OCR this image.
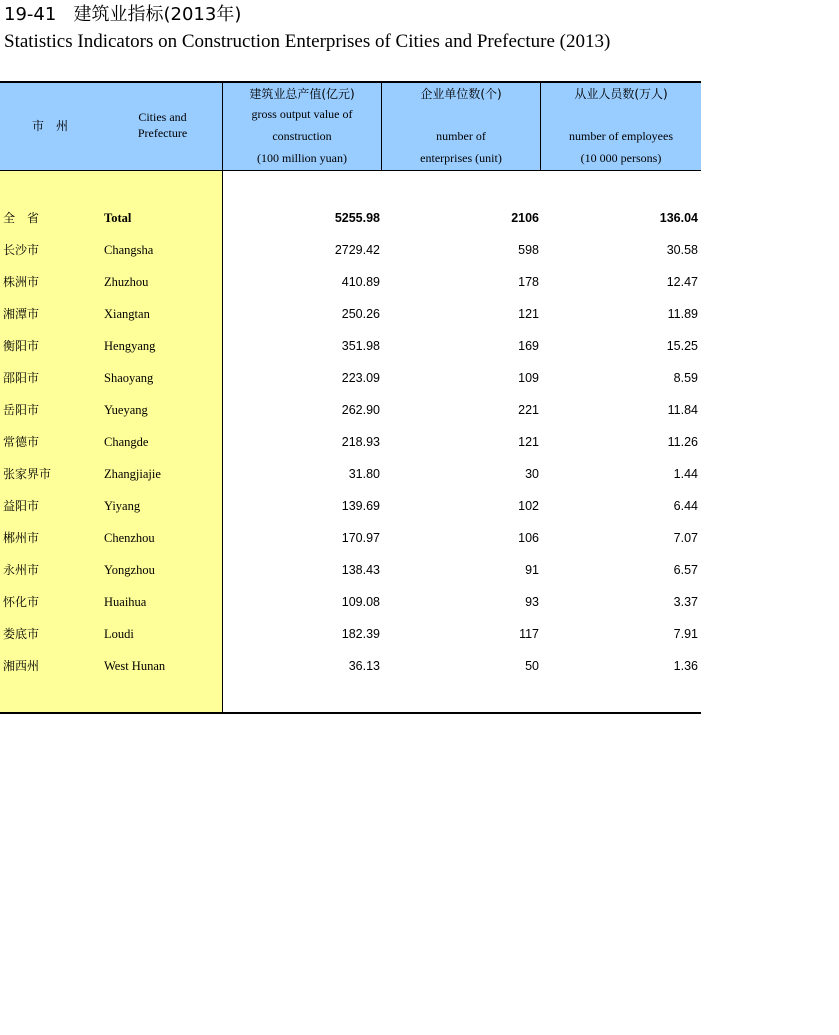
19-41 建筑业指标(2013年)
Statistics Indicators on Construction Enterprises of Cities and Prefecture (2013)
市　州
Cities and
Prefecture
建筑业总产值(亿元)
gross output value of
construction
(100 million yuan)
企业单位数(个)
number of
enterprises (unit)
从业人员数(万人)
number of employees
(10 000 persons)
全　省	Total	5255.98	2106	136.04
长沙市	Changsha	2729.42	598	30.58
株洲市	Zhuzhou	410.89	178	12.47
湘潭市	Xiangtan	250.26	121	11.89
衡阳市	Hengyang	351.98	169	15.25
邵阳市	Shaoyang	223.09	109	8.59
岳阳市	Yueyang	262.90	221	11.84
常德市	Changde	218.93	121	11.26
张家界市	Zhangjiajie	31.80	30	1.44
益阳市	Yiyang	139.69	102	6.44
郴州市	Chenzhou	170.97	106	7.07
永州市	Yongzhou	138.43	91	6.57
怀化市	Huaihua	109.08	93	3.37
娄底市	Loudi	182.39	117	7.91
湘西州	West Hunan	36.13	50	1.36
